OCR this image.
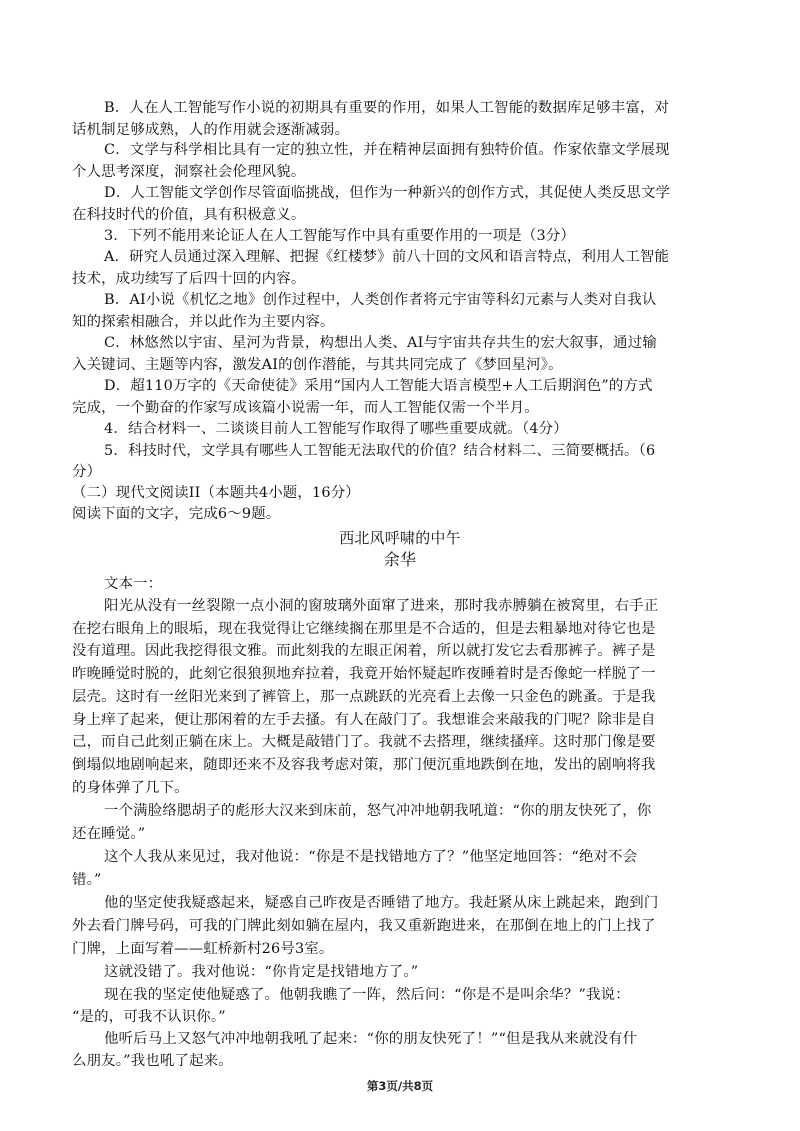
B．人在人工智能写作小说的初期具有重要的作用，如果人工智能的数据库足够丰富，对
话机制足够成熟，人的作用就会逐渐减弱。
C．文学与科学相比具有一定的独立性，并在精神层面拥有独特价值。作家依靠文学展现
个人思考深度，洞察社会伦理风貌。
D．人工智能文学创作尽管面临挑战，但作为一种新兴的创作方式，其促使人类反思文学
在科技时代的价值，具有积极意义。
3．下列不能用来论证人在人工智能写作中具有重要作用的一项是（3分）
A．研究人员通过深入理解、把握《红楼梦》前八十回的文风和语言特点，利用人工智能
技术，成功续写了后四十回的内容。
B．AI小说《机忆之地》创作过程中，人类创作者将元宇宙等科幻元素与人类对自我认
知的探索相融合，并以此作为主要内容。
C．林悠然以宇宙、星河为背景，构想出人类、AI与宇宙共存共生的宏大叙事，通过输
入关键词、主题等内容，激发AI的创作潜能，与其共同完成了《梦回星河》。
D．超110万字的《天命使徒》采用“国内人工智能大语言模型+人工后期润色”的方式
完成，一个勤奋的作家写成该篇小说需一年，而人工智能仅需一个半月。
4．结合材料一、二谈谈目前人工智能写作取得了哪些重要成就。（4分）
5．科技时代，文学具有哪些人工智能无法取代的价值？结合材料二、三简要概括。（6
分）
（二）现代文阅读II（本题共4小题，16分）
阅读下面的文字，完成6～9题。
西北风呼啸的中午
余华
文本一：
阳光从没有一丝裂隙一点小洞的窗玻璃外面窜了进来，那时我赤膊躺在被窝里，右手正
在挖右眼角上的眼垢，现在我觉得让它继续搁在那里是不合适的，但是去粗暴地对待它也是
没有道理。因此我挖得很文雅。而此刻我的左眼正闲着，所以就打发它去看那裤子。裤子是
昨晚睡觉时脱的，此刻它很狼狈地弃拉着，我竟开始怀疑起昨夜睡着时是否像蛇一样脱了一
层壳。这时有一丝阳光来到了裤管上，那一点跳跃的光亮看上去像一只金色的跳蚤。于是我
身上痒了起来，便让那闲着的左手去搔。有人在敲门了。我想谁会来敲我的门呢？除非是自
己，而自己此刻正躺在床上。大概是敲错门了。我就不去搭理，继续搔痒。这时那门像是要
倒塌似地剧响起来，随即还来不及容我考虑对策，那门便沉重地跌倒在地，发出的剧响将我
的身体弹了几下。
一个满脸络腮胡子的彪形大汉来到床前，怒气冲冲地朝我吼道：“你的朋友快死了，你
还在睡觉。”
这个人我从来见过，我对他说：“你是不是找错地方了？”他坚定地回答：“绝对不会
错。”
他的坚定使我疑惑起来，疑惑自己昨夜是否睡错了地方。我赶紧从床上跳起来，跑到门
外去看门牌号码，可我的门牌此刻如躺在屋内，我又重新跑进来，在那倒在地上的门上找了
门牌，上面写着——虹桥新村26号3室。
这就没错了。我对他说：“你肯定是找错地方了。”
现在我的坚定使他疑惑了。他朝我瞧了一阵，然后问：“你是不是叫余华？”我说：
“是的，可我不认识你。”
他听后马上又怒气冲冲地朝我吼了起来：“你的朋友快死了！”“但是我从来就没有什
么朋友。”我也吼了起来。
第3页/共8页
